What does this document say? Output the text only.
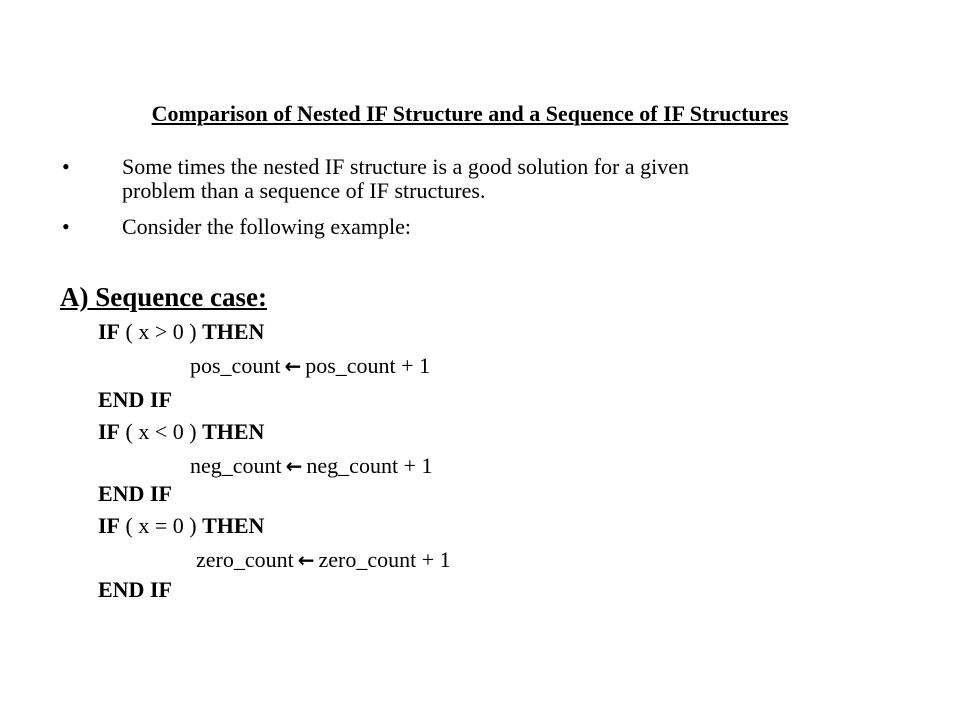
Comparison of Nested IF Structure and a Sequence of IF Structures
•	Some times the nested IF structure is a good solution for a given
problem than a sequence of IF structures.
•	Consider the following example:
A) Sequence case:
IF ( x > 0 ) THEN
pos_count ← pos_count + 1
END IF
IF ( x < 0 ) THEN
neg_count ← neg_count + 1
END IF
IF ( x = 0 ) THEN
zero_count ← zero_count + 1
END IF
